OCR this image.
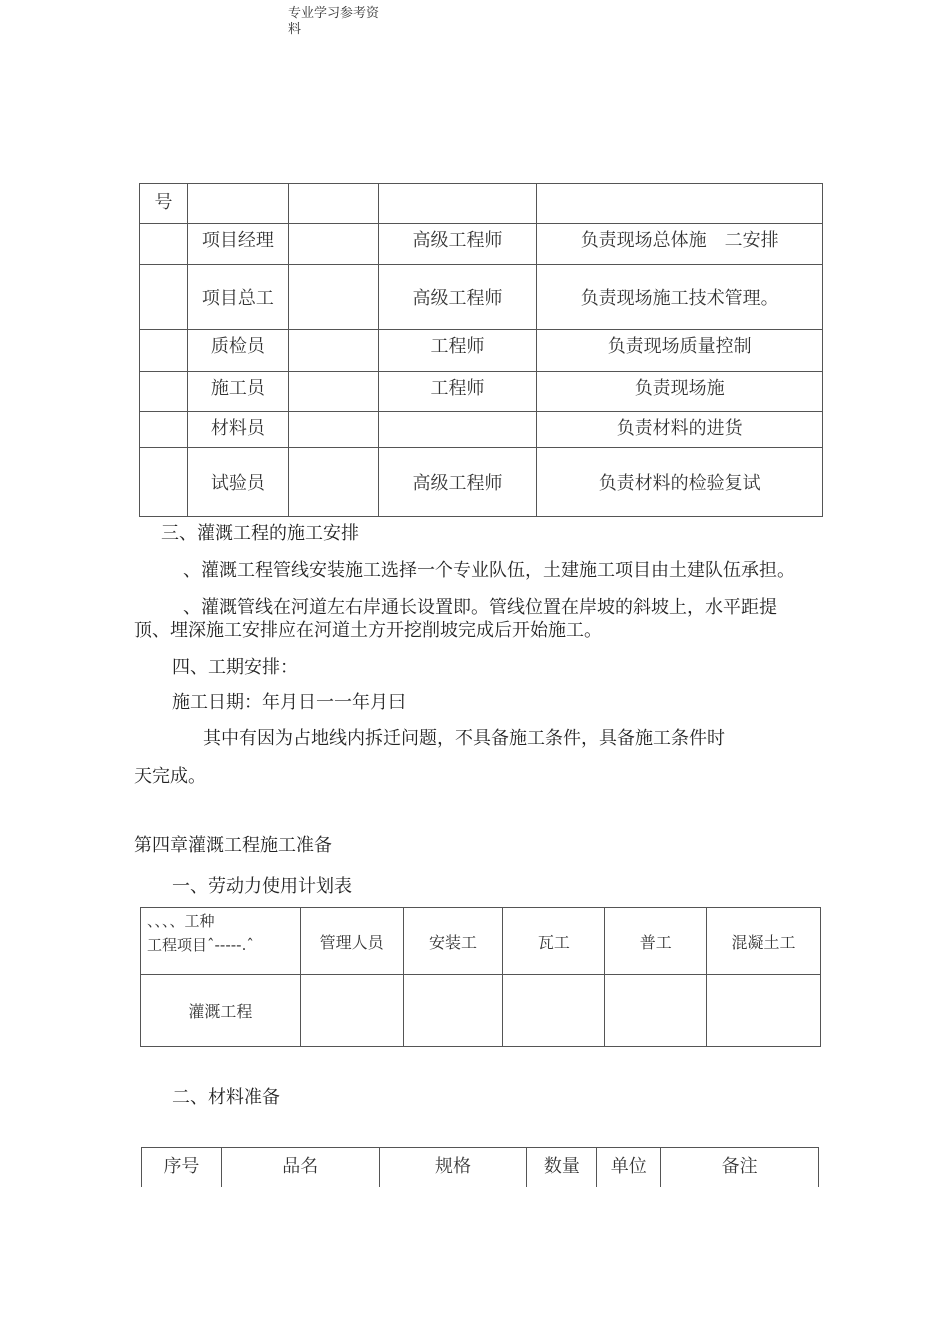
专业学习参考资
料
号				
	项目经理		高级工程师	负责现场总体施　二安排
	项目总工		高级工程师	负责现场施工技术管理。
	质检员		工程师	负责现场质量控制
	施工员		工程师	负责现场施
	材料员			负责材料的进货
	试验员		高级工程师	负责材料的检验复试
三、灌溉工程的施工安排
、灌溉工程管线安装施工选择一个专业队伍，土建施工项目由土建队伍承担。
、灌溉管线在河道左右岸通长设置即。管线位置在岸坡的斜坡上，水平距提
顶、埋深施工安排应在河道土方开挖削坡完成后开始施工。
四、工期安排：
施工日期：年月日一一年月曰
其中有因为占地线内拆迁问题，不具备施工条件，具备施工条件时
天完成。
第四章灌溉工程施工准备
一、劳动力使用计划表
、、、、工种
工程项目ˆ-----.ˆ	管理人员	安装工	瓦工	普工	混凝土工
灌溉工程					
二、材料准备
序号	品名	规格	数量	单位	备注
